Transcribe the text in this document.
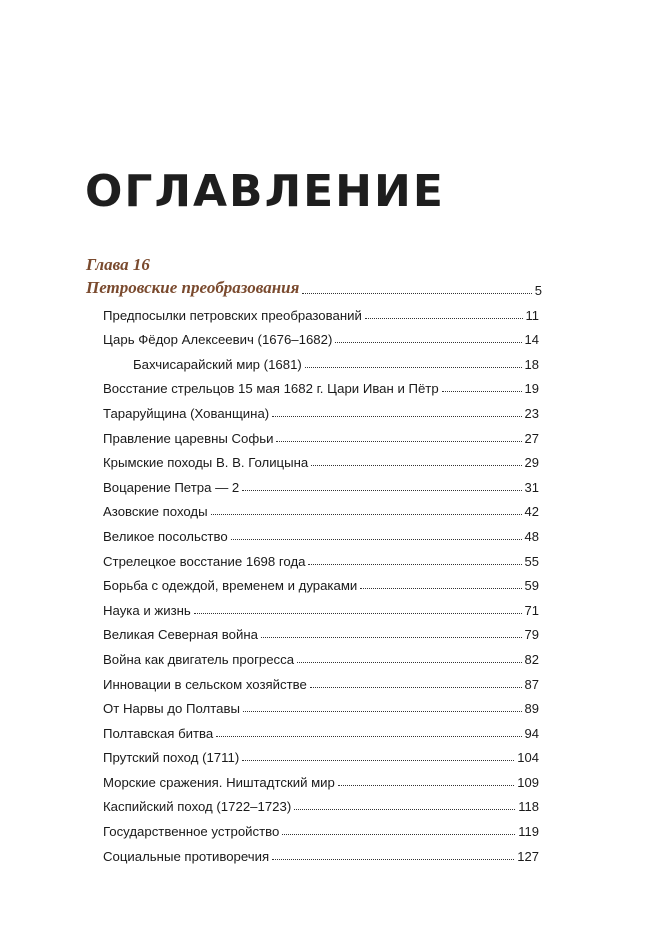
ОГЛАВЛЕНИЕ
Глава 16
Петровские преобразования	5
Предпосылки петровских преобразований	11
Царь Фёдор Алексеевич (1676–1682)	14
Бахчисарайский мир (1681)	18
Восстание стрельцов 15 мая 1682 г. Цари Иван и Пётр	19
Тараруйщина (Хованщина)	23
Правление царевны Софьи	27
Крымские походы В. В. Голицына	29
Воцарение Петра — 2	31
Азовские походы	42
Великое посольство	48
Стрелецкое восстание 1698 года	55
Борьба с одеждой, временем и дураками	59
Наука и жизнь	71
Великая Северная война	79
Война как двигатель прогресса	82
Инновации в сельском хозяйстве	87
От Нарвы до Полтавы	89
Полтавская битва	94
Прутский поход (1711)	104
Морские сражения. Ништадтский мир	109
Каспийский поход (1722–1723)	118
Государственное устройство	119
Социальные противоречия	127
